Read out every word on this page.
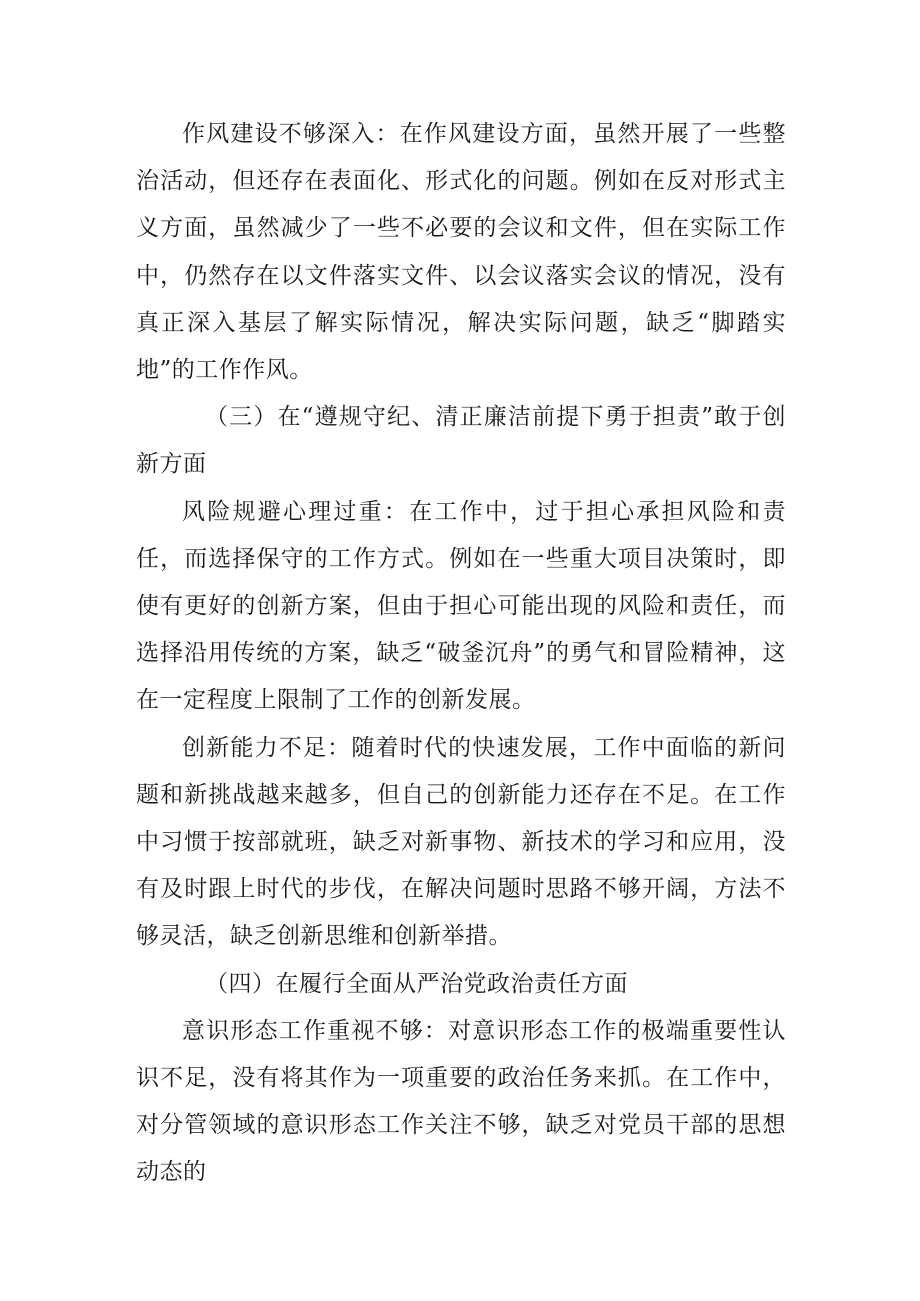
作风建设不够深入：在作风建设方面，虽然开展了一些整治活动，但还存在表面化、形式化的问题。例如在反对形式主义方面，虽然减少了一些不必要的会议和文件，但在实际工作中，仍然存在以文件落实文件、以会议落实会议的情况，没有真正深入基层了解实际情况，解决实际问题，缺乏“脚踏实地”的工作作风。

（三）在“遵规守纪、清正廉洁前提下勇于担责”敢于创新方面

风险规避心理过重：在工作中，过于担心承担风险和责任，而选择保守的工作方式。例如在一些重大项目决策时，即使有更好的创新方案，但由于担心可能出现的风险和责任，而选择沿用传统的方案，缺乏“破釜沉舟”的勇气和冒险精神，这在一定程度上限制了工作的创新发展。

创新能力不足：随着时代的快速发展，工作中面临的新问题和新挑战越来越多，但自己的创新能力还存在不足。在工作中习惯于按部就班，缺乏对新事物、新技术的学习和应用，没有及时跟上时代的步伐，在解决问题时思路不够开阔，方法不够灵活，缺乏创新思维和创新举措。

（四）在履行全面从严治党政治责任方面

意识形态工作重视不够：对意识形态工作的极端重要性认识不足，没有将其作为一项重要的政治任务来抓。在工作中，对分管领域的意识形态工作关注不够，缺乏对党员干部的思想动态的
